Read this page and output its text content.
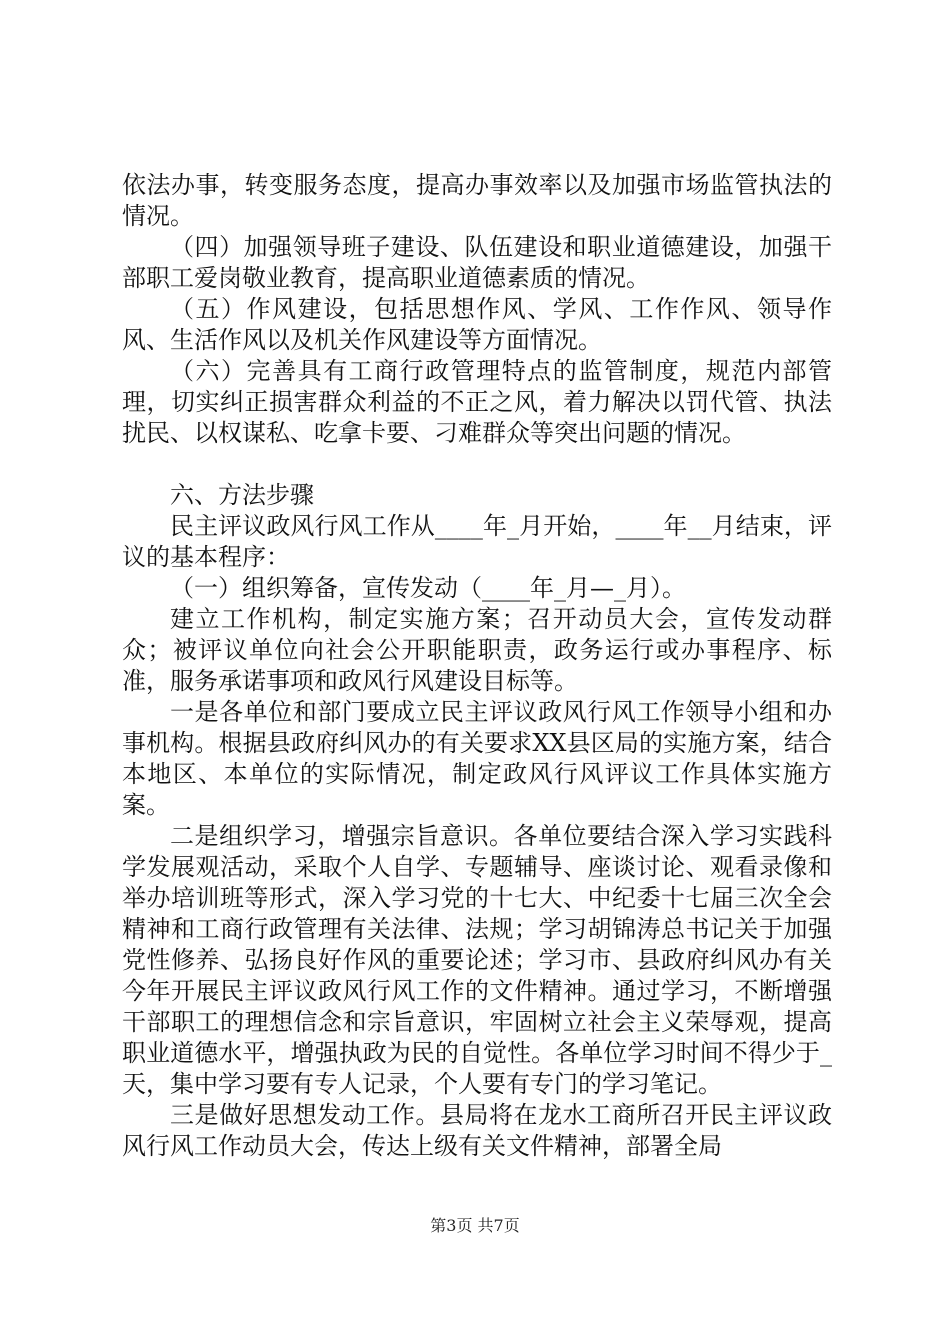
依法办事，转变服务态度，提高办事效率以及加强市场监管执法的情况。

（四）加强领导班子建设、队伍建设和职业道德建设，加强干部职工爱岗敬业教育，提高职业道德素质的情况。

（五）作风建设，包括思想作风、学风、工作作风、领导作风、生活作风以及机关作风建设等方面情况。

（六）完善具有工商行政管理特点的监管制度，规范内部管理，切实纠正损害群众利益的不正之风，着力解决以罚代管、执法扰民、以权谋私、吃拿卡要、刁难群众等突出问题的情况。

六、方法步骤

民主评议政风行风工作从____年_月开始，____年__月结束，评议的基本程序：

（一）组织筹备，宣传发动（____年_月—_月）。

建立工作机构，制定实施方案；召开动员大会，宣传发动群众；被评议单位向社会公开职能职责，政务运行或办事程序、标准，服务承诺事项和政风行风建设目标等。

一是各单位和部门要成立民主评议政风行风工作领导小组和办事机构。根据县政府纠风办的有关要求XX县区局的实施方案，结合本地区、本单位的实际情况，制定政风行风评议工作具体实施方案。

二是组织学习，增强宗旨意识。各单位要结合深入学习实践科学发展观活动，采取个人自学、专题辅导、座谈讨论、观看录像和举办培训班等形式，深入学习党的十七大、中纪委十七届三次全会精神和工商行政管理有关法律、法规；学习胡锦涛总书记关于加强党性修养、弘扬良好作风的重要论述；学习市、县政府纠风办有关今年开展民主评议政风行风工作的文件精神。通过学习，不断增强干部职工的理想信念和宗旨意识，牢固树立社会主义荣辱观，提高职业道德水平，增强执政为民的自觉性。各单位学习时间不得少于_天，集中学习要有专人记录，个人要有专门的学习笔记。

三是做好思想发动工作。县局将在龙水工商所召开民主评议政风行风工作动员大会，传达上级有关文件精神，部署全局

第3页 共7页
